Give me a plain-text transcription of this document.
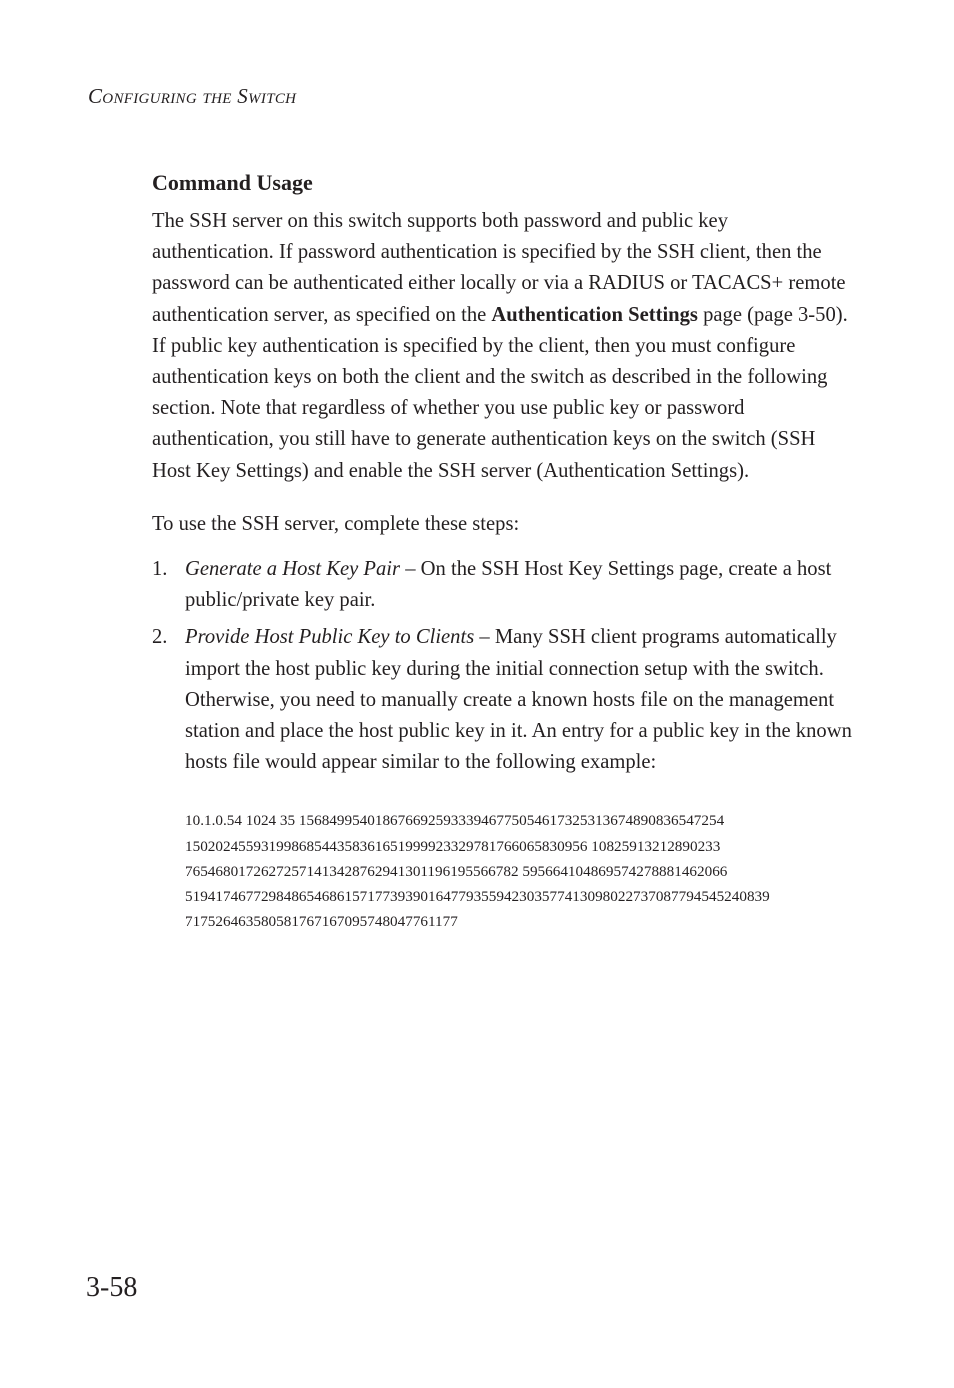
Configuring the Switch
Command Usage

The SSH server on this switch supports both password and public key authentication. If password authentication is specified by the SSH client, then the password can be authenticated either locally or via a RADIUS or TACACS+ remote authentication server, as specified on the Authentication Settings page (page 3-50). If public key authentication is specified by the client, then you must configure authentication keys on both the client and the switch as described in the following section. Note that regardless of whether you use public key or password authentication, you still have to generate authentication keys on the switch (SSH Host Key Settings) and enable the SSH server (Authentication Settings).

To use the SSH server, complete these steps:

1. Generate a Host Key Pair – On the SSH Host Key Settings page, create a host public/private key pair.
2. Provide Host Public Key to Clients – Many SSH client programs automatically import the host public key during the initial connection setup with the switch. Otherwise, you need to manually create a known hosts file on the management station and place the host public key in it. An entry for a public key in the known hosts file would appear similar to the following example:
10.1.0.54 1024 35 15684995401867669259333946775054617325313674890836547254
15020245593199868544358361651999923329781766065830956 10825913212890233
76546801726272571413428762941301196195566782 595664104869574278881462066
51941746772984865468615717739390164779355942303577413098022737087794545240839
717526463580581767167095748047761177
3-58
